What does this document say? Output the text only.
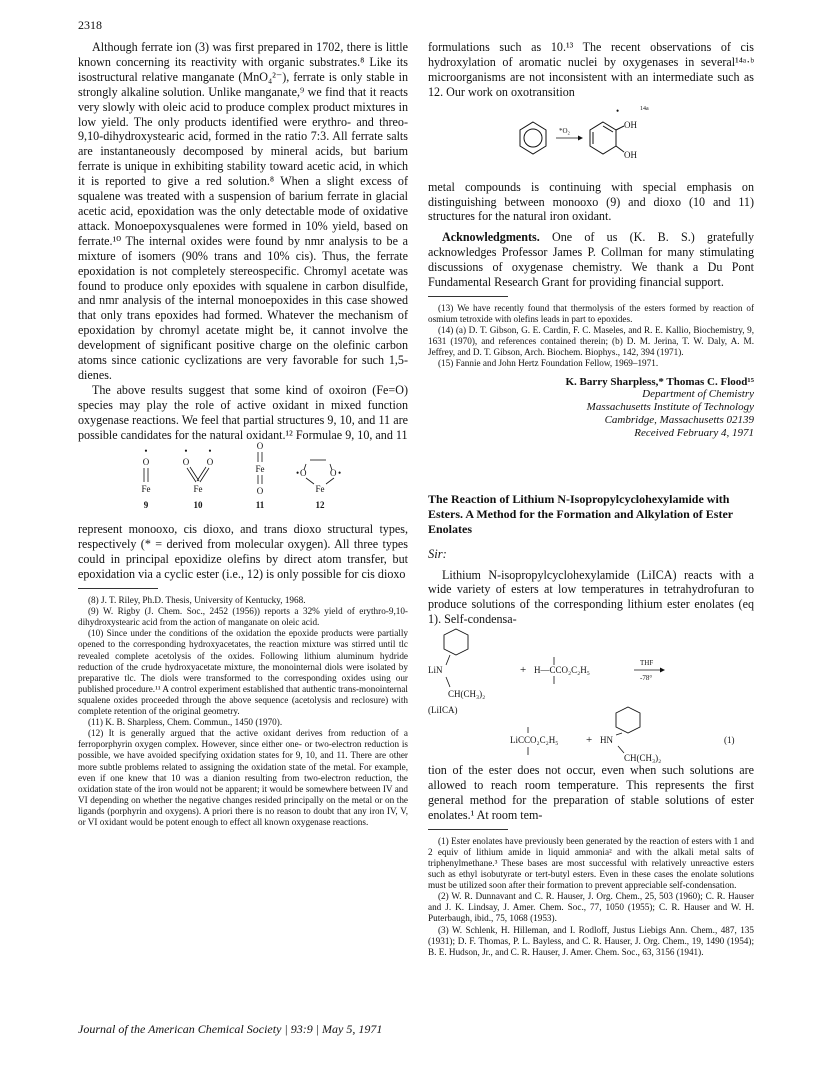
2318

Although ferrate ion (3) was first prepared in 1702, there is little known concerning its reactivity with organic substrates.⁸ Like its isostructural relative manganate (MnO₄²⁻), ferrate is only stable in strongly alkaline solution. Unlike manganate,⁹ we find that it reacts very slowly with oleic acid to produce complex product mixtures in low yield. The only products identified were erythro- and threo-9,10-dihydroxystearic acid, formed in the ratio 7:3. All ferrate salts are instantaneously decomposed by mineral acids, but barium ferrate is unique in exhibiting stability toward acetic acid, in which it is reported to give a red solution.⁸ When a slight excess of squalene was treated with a suspension of barium ferrate in glacial acetic acid, epoxidation was the only detectable mode of oxidative attack. Monoepoxysqualenes were formed in 10% yield, based on ferrate.¹⁰ The internal oxides were found by nmr analysis to be a mixture of isomers (90% trans and 10% cis). Thus, the ferrate epoxidation is not completely stereospecific. Chromyl acetate was found to produce only epoxides with squalene in carbon disulfide, and nmr analysis of the internal monoepoxides in this case showed that only trans epoxides had formed. Whatever the mechanism of epoxidation by chromyl acetate might be, it cannot involve the development of significant positive charge on the olefinic carbon atoms since cationic cyclizations are very favorable for such 1,5-dienes.

The above results suggest that some kind of oxoiron (Fe=O) species may play the role of active oxidant in mixed function oxygenase reactions. We feel that partial structures 9, 10, and 11 are possible candidates for the natural oxidant.¹² Formulae 9, 10, and 11

•
O
Fe
9
•
O
•
O
Fe
10
O
Fe
O
11
• O	O •
Fe
12

represent monooxo, cis dioxo, and trans dioxo structural types, respectively (* = derived from molecular oxygen). All three types could in principal epoxidize olefins by direct atom transfer, but epoxidation via a cyclic ester (i.e., 12) is only possible for cis dioxo

(8) J. T. Riley, Ph.D. Thesis, University of Kentucky, 1968.

(9) W. Rigby (J. Chem. Soc., 2452 (1956)) reports a 32% yield of erythro-9,10-dihydroxystearic acid from the action of manganate on oleic acid.

(10) Since under the conditions of the oxidation the epoxide products were partially opened to the corresponding hydroxyacetates, the reaction mixture was stirred until tlc revealed complete acetolysis of the oxides. Following lithium aluminum hydride reduction of the crude hydroxyacetate mixture, the monointernal diols were isolated by preparative tlc. The diols were transformed to the corresponding oxides using our published procedure.¹¹ A control experiment established that authentic trans-monointernal squalene oxides proceeded through the above sequence (acetolysis and reclosure) with complete retention of the original geometry.

(11) K. B. Sharpless, Chem. Commun., 1450 (1970).

(12) It is generally argued that the active oxidant derives from reduction of a ferroporphyrin oxygen complex. However, since either one- or two-electron reduction is possible, we have avoided specifying oxidation states for 9, 10, and 11. There are other more subtle problems related to assigning the oxidation state of the metal. For example, even if one knew that 10 was a dianion resulting from two-electron reduction, the oxidation state of the iron would not be apparent; it would be somewhere between IV and VI depending on whether the negative changes resided principally on the metal or on the ligands (porphyrin and oxygens). A priori there is no reason to doubt that any iron IV, V, or VI oxidant would be potent enough to effect all known oxygenase reactions.

formulations such as 10.¹³ The recent observations of cis hydroxylation of aromatic nuclei by oxygenases in several¹⁴ᵃ·ᵇ microorganisms are not inconsistent with an intermediate such as 12. Our work on oxotransition

*O₂
•	14a
OH
OH

metal compounds is continuing with special emphasis on distinguishing between monooxo (9) and dioxo (10 and 11) structures for the natural iron oxidant.

Acknowledgments. One of us (K. B. S.) gratefully acknowledges Professor James P. Collman for many stimulating discussions of oxygenase chemistry. We thank a Du Pont Fundamental Research Grant for providing financial support.

(13) We have recently found that thermolysis of the esters formed by reaction of osmium tetroxide with olefins leads in part to epoxides.

(14) (a) D. T. Gibson, G. E. Cardin, F. C. Maseles, and R. E. Kallio, Biochemistry, 9, 1631 (1970), and references contained therein; (b) D. M. Jerina, T. W. Daly, A. M. Jeffrey, and D. T. Gibson, Arch. Biochem. Biophys., 142, 394 (1971).

(15) Fannie and John Hertz Foundation Fellow, 1969–1971.

K. Barry Sharpless,* Thomas C. Flood¹⁵
Department of Chemistry
Massachusetts Institute of Technology
Cambridge, Massachusetts 02139
Received February 4, 1971
The Reaction of Lithium N-Isopropylcyclohexylamide with Esters. A Method for the Formation and Alkylation of Ester Enolates
Sir:

Lithium N-isopropylcyclohexylamide (LiICA) reacts with a wide variety of esters at low temperatures in tetrahydrofuran to produce solutions of the corresponding lithium ester enolates (eq 1). Self-condensa-

LiN
CH(CH₃)₂
+ H—CCO₂C₂H₅
THF
-78°
(LiICA)
LiCCO₂C₂H₅	+ HN
CH(CH₃)₂
(1)

tion of the ester does not occur, even when such solutions are allowed to reach room temperature. This represents the first general method for the preparation of stable solutions of ester enolates.¹ At room tem-

(1) Ester enolates have previously been generated by the reaction of esters with 1 and 2 equiv of lithium amide in liquid ammonia² and with the alkali metal salts of triphenylmethane.³ These bases are most successful with relatively unreactive esters such as ethyl isobutyrate or tert-butyl esters. Even in these cases the enolate solutions must be utilized soon after their formation to prevent appreciable self-condensation.

(2) W. R. Dunnavant and C. R. Hauser, J. Org. Chem., 25, 503 (1960); C. R. Hauser and J. K. Lindsay, J. Amer. Chem. Soc., 77, 1050 (1955); C. R. Hauser and W. H. Puterbaugh, ibid., 75, 1068 (1953).

(3) W. Schlenk, H. Hilleman, and I. Rodloff, Justus Liebigs Ann. Chem., 487, 135 (1931); D. F. Thomas, P. L. Bayless, and C. R. Hauser, J. Org. Chem., 19, 1490 (1954); B. E. Hudson, Jr., and C. R. Hauser, J. Amer. Chem. Soc., 63, 3156 (1941).

Journal of the American Chemical Society | 93:9 | May 5, 1971
